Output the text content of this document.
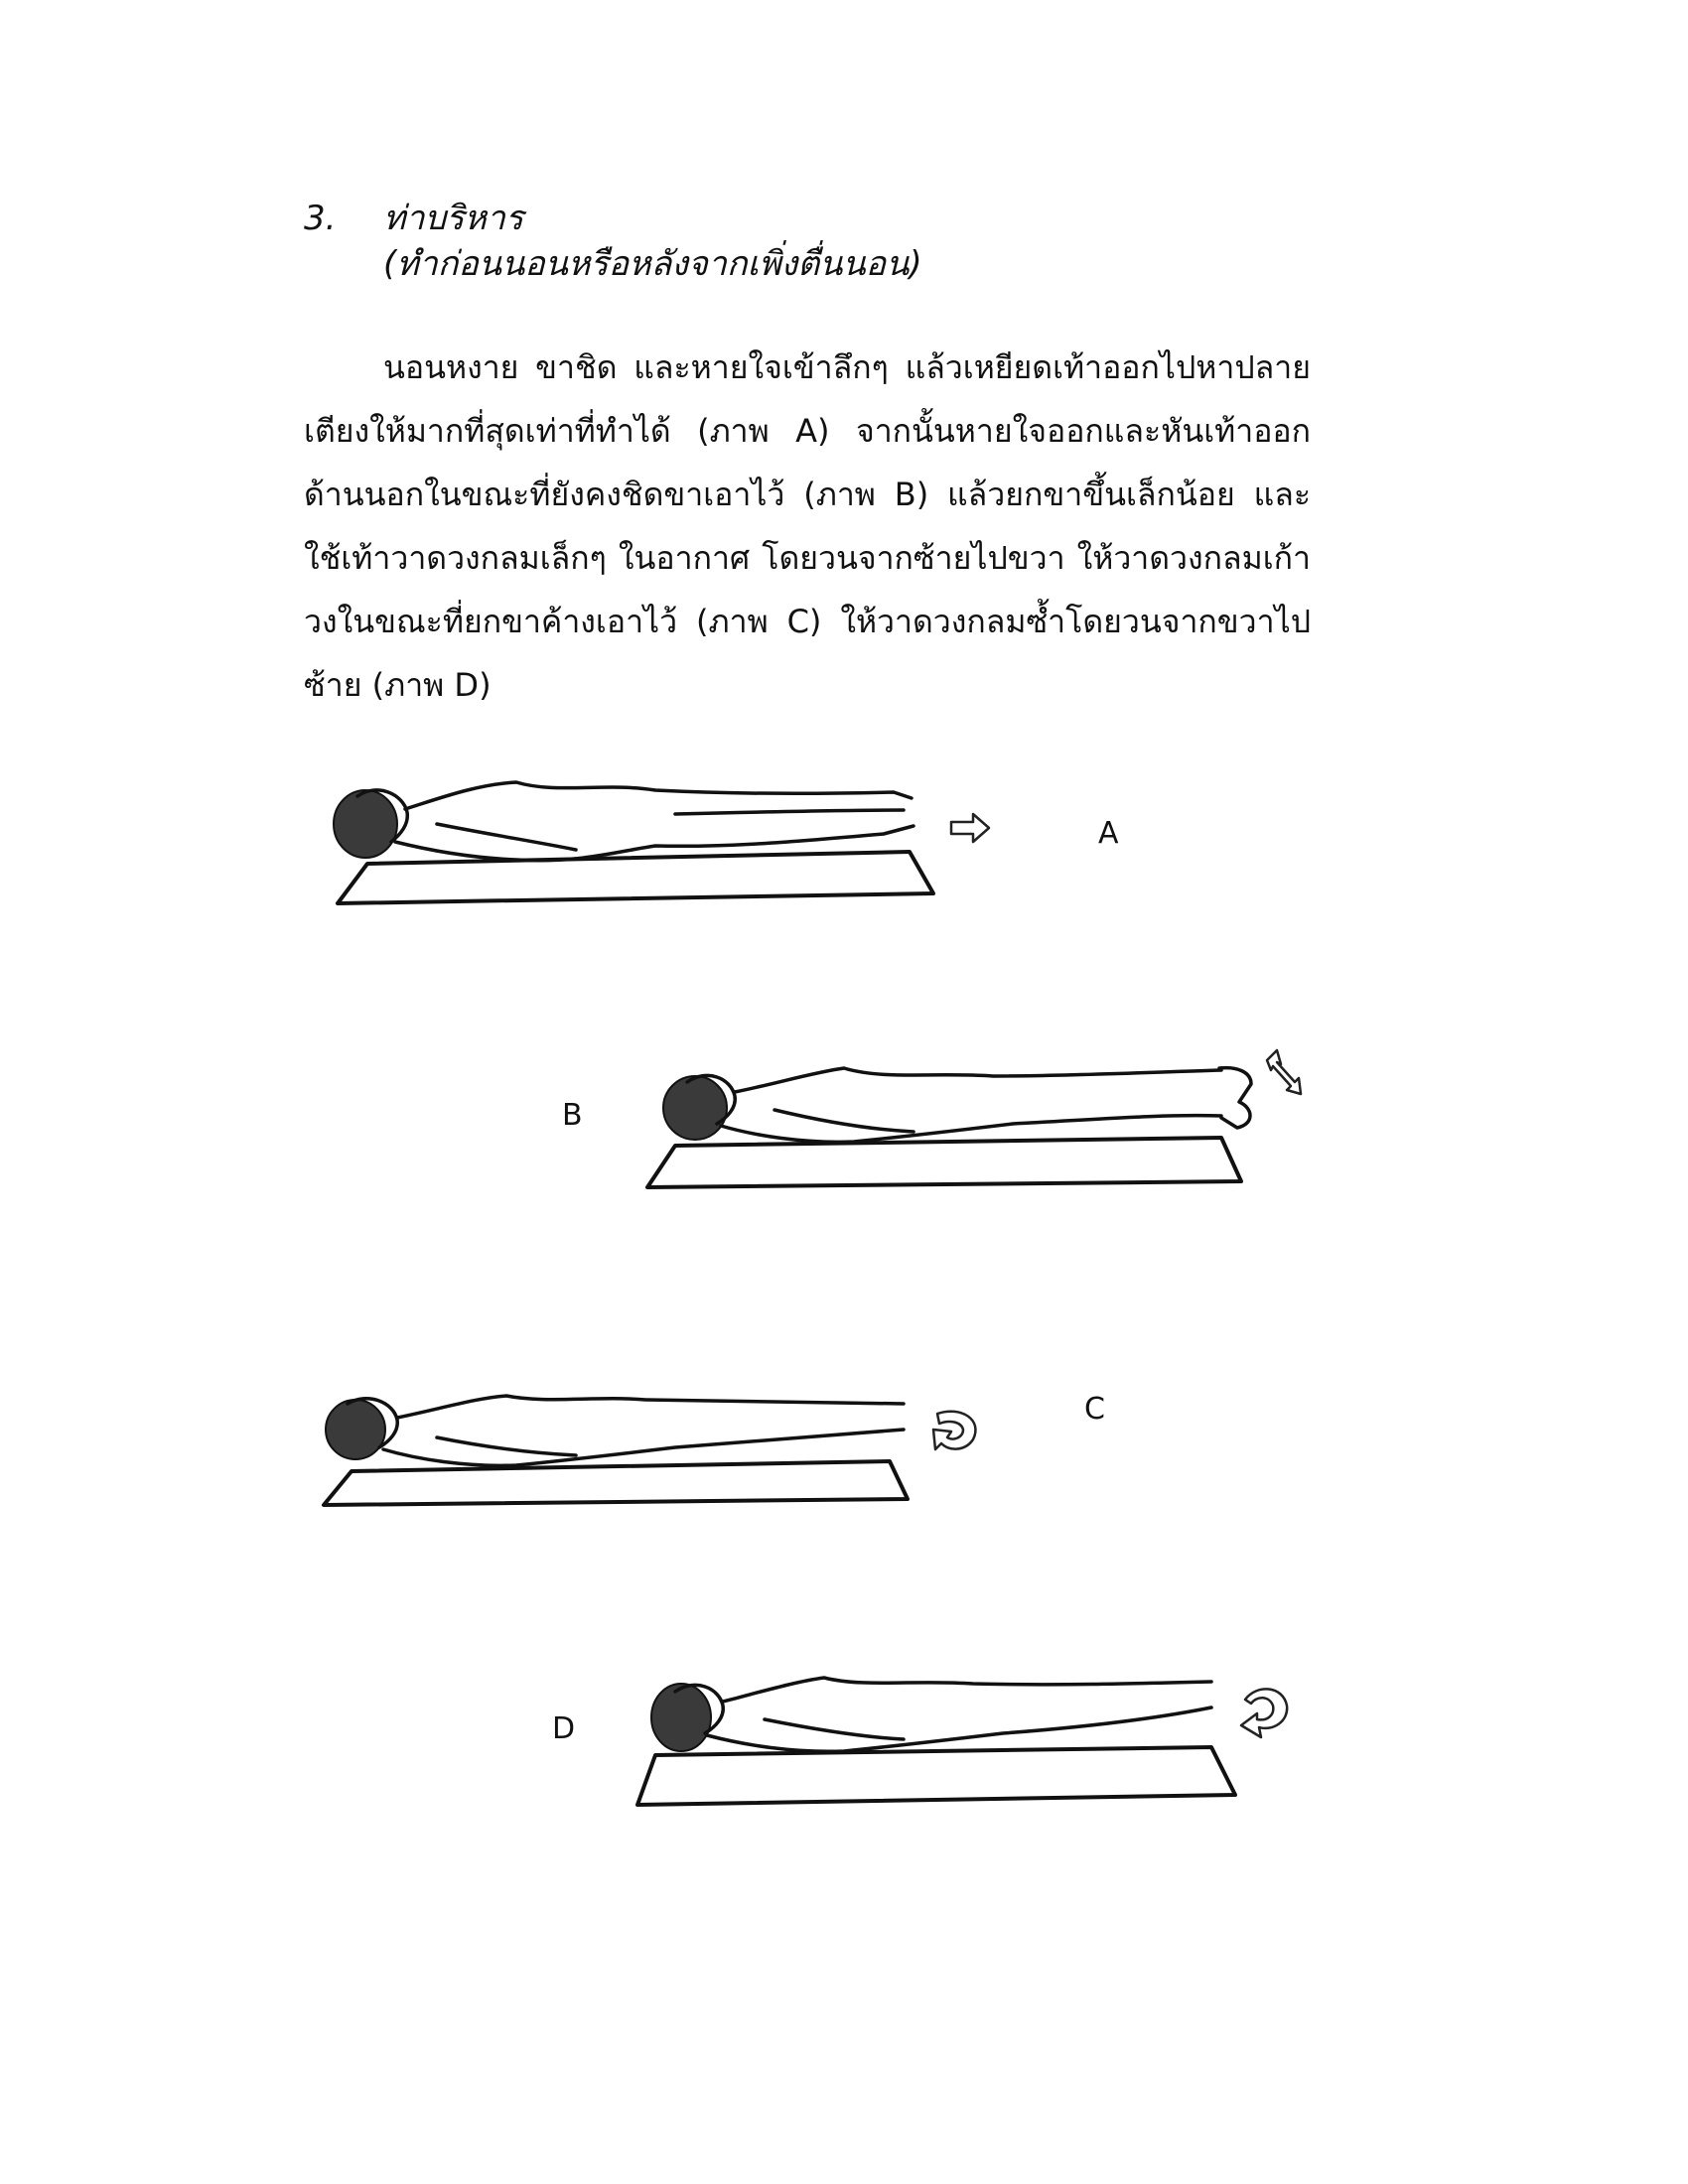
3. ท่าบริหาร
(ทำก่อนนอนหรือหลังจากเพิ่งตื่นนอน)

นอนหงาย ขาชิด และหายใจเข้าลึกๆ แล้วเหยียดเท้าออกไปหาปลายเตียงให้มากที่สุดเท่าที่ทำได้ (ภาพ A) จากนั้นหายใจออกและหันเท้าออกด้านนอกในขณะที่ยังคงชิดขาเอาไว้ (ภาพ B) แล้วยกขาขึ้นเล็กน้อย และใช้เท้าวาดวงกลมเล็กๆ ในอากาศ โดยวนจากซ้ายไปขวา ให้วาดวงกลมเก้าวงในขณะที่ยกขาค้างเอาไว้ (ภาพ C) ให้วาดวงกลมซ้ำโดยวนจากขวาไปซ้าย (ภาพ D)

A
B
C
D
